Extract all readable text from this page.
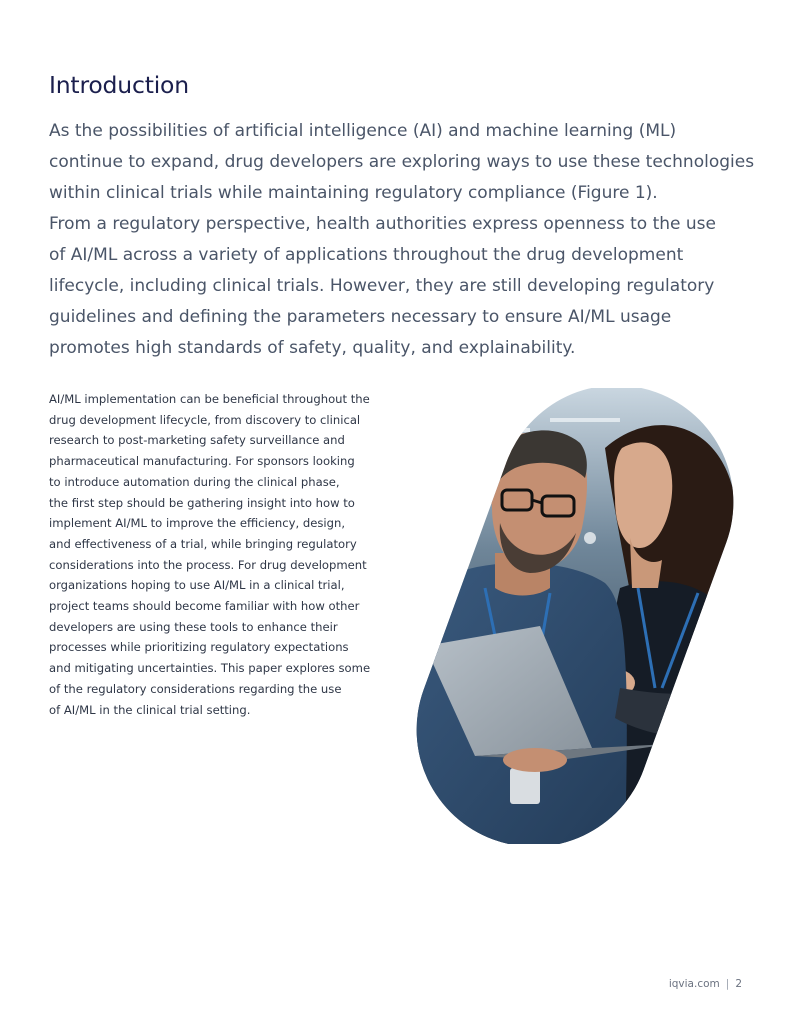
Introduction

As the possibilities of artificial intelligence (AI) and machine learning (ML)
continue to expand, drug developers are exploring ways to use these technologies
within clinical trials while maintaining regulatory compliance (Figure 1).
From a regulatory perspective, health authorities express openness to the use
of AI/ML across a variety of applications throughout the drug development
lifecycle, including clinical trials. However, they are still developing regulatory
guidelines and defining the parameters necessary to ensure AI/ML usage
promotes high standards of safety, quality, and explainability.

AI/ML implementation can be beneficial throughout the
drug development lifecycle, from discovery to clinical
research to post-marketing safety surveillance and
pharmaceutical manufacturing. For sponsors looking
to introduce automation during the clinical phase,
the first step should be gathering insight into how to
implement AI/ML to improve the efficiency, design,
and effectiveness of a trial, while bringing regulatory
considerations into the process. For drug development
organizations hoping to use AI/ML in a clinical trial,
project teams should become familiar with how other
developers are using these tools to enhance their
processes while prioritizing regulatory expectations
and mitigating uncertainties. This paper explores some
of the regulatory considerations regarding the use
of AI/ML in the clinical trial setting.

iqvia.com | 2
